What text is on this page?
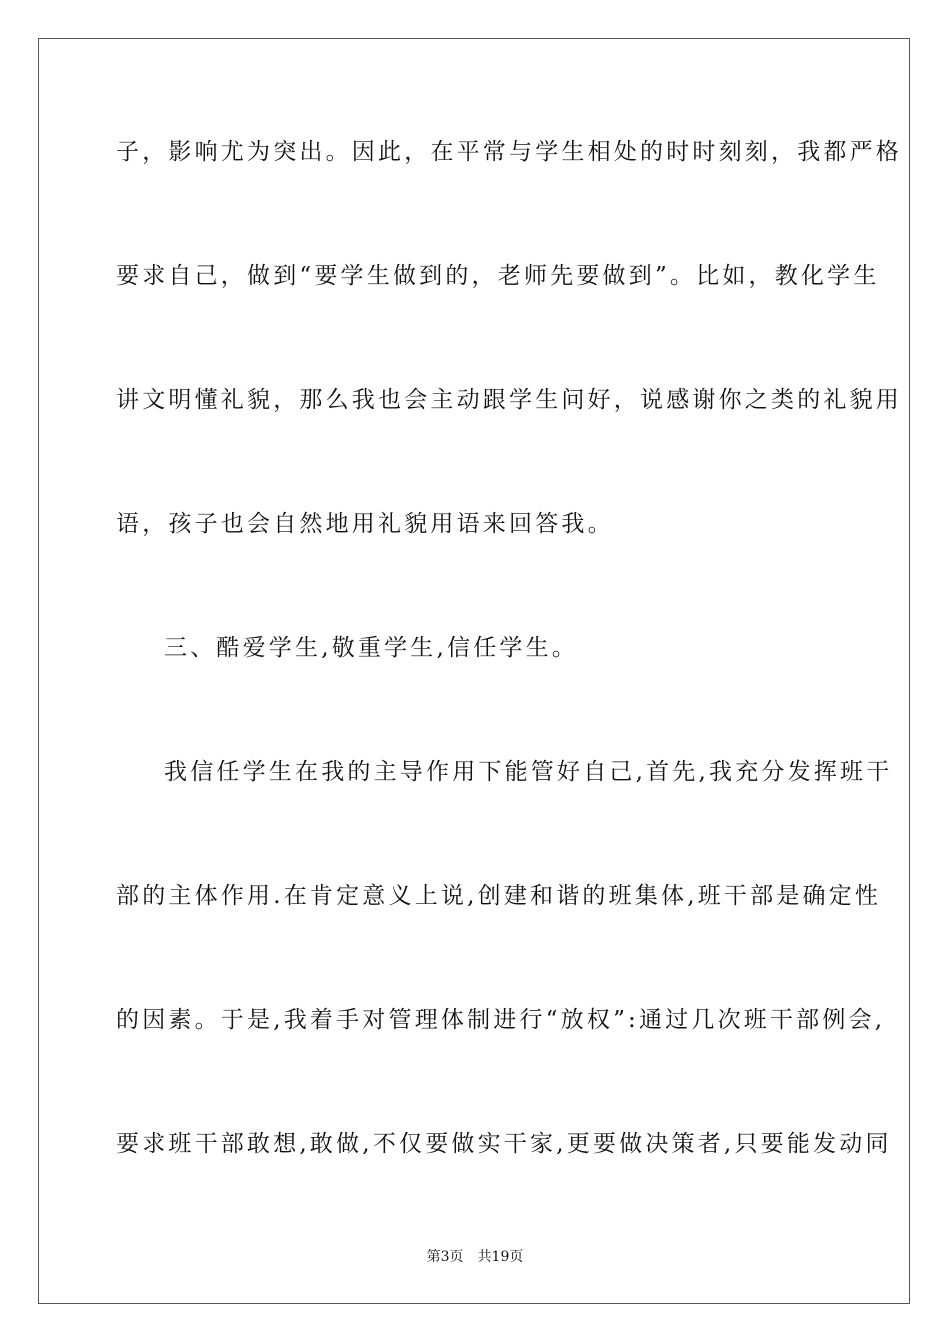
子，影响尤为突出。因此，在平常与学生相处的时时刻刻，我都严格
要求自己，做到“要学生做到的，老师先要做到”。比如，教化学生
讲文明懂礼貌，那么我也会主动跟学生问好，说感谢你之类的礼貌用
语，孩子也会自然地用礼貌用语来回答我。
三、酷爱学生,敬重学生,信任学生。
我信任学生在我的主导作用下能管好自己,首先,我充分发挥班干
部的主体作用.在肯定意义上说,创建和谐的班集体,班干部是确定性
的因素。于是,我着手对管理体制进行“放权”:通过几次班干部例会,
要求班干部敢想,敢做,不仅要做实干家,更要做决策者,只要能发动同
第3页 共19页
